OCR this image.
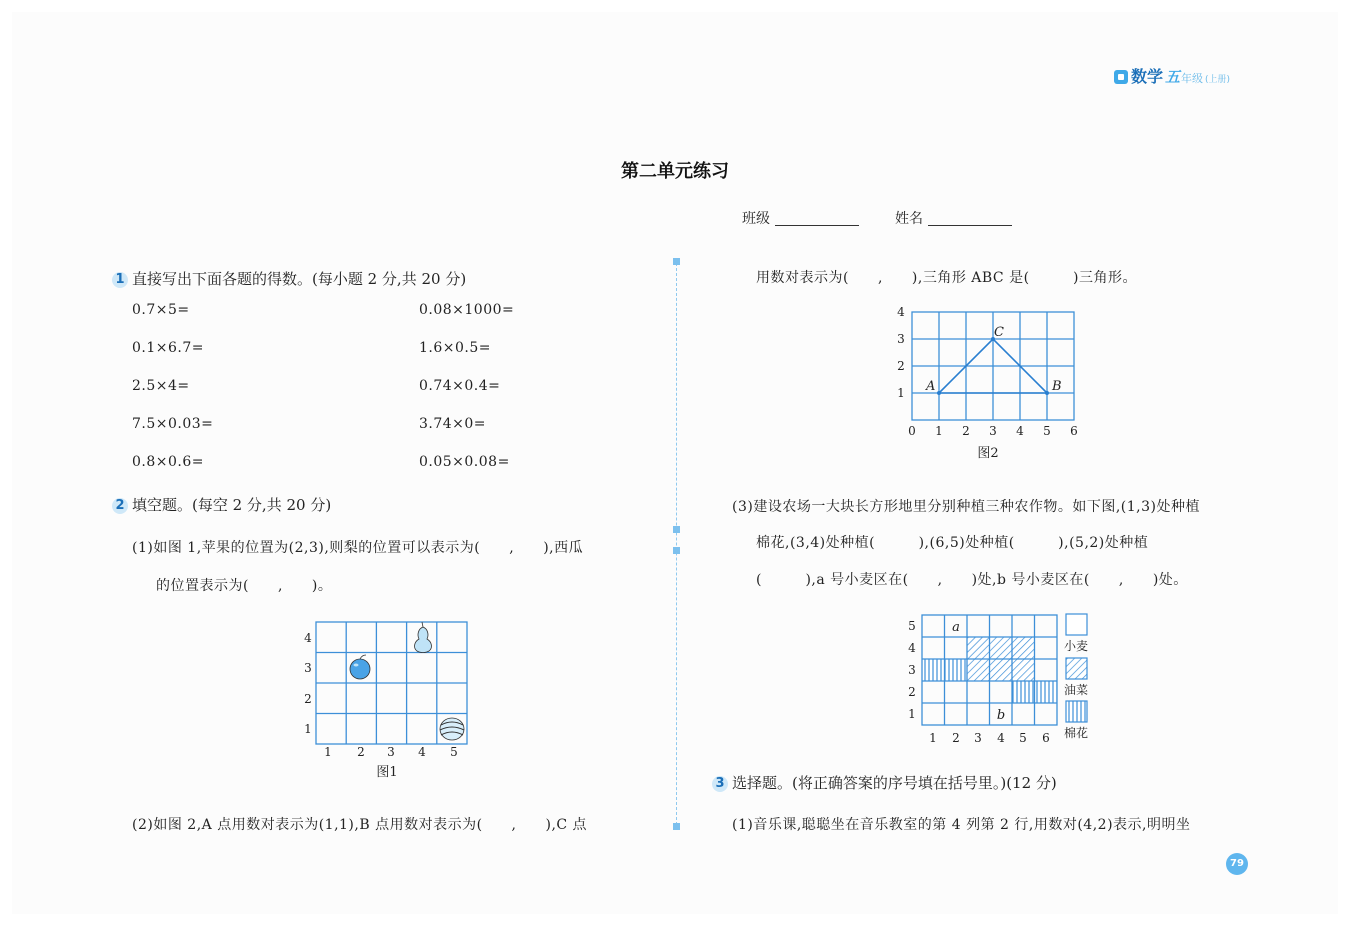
数学 五 年级 (上册)
第二单元练习
班级	姓名
1 直接写出下面各题的得数。(每小题 2 分,共 20 分)
0.7×5=	0.08×1000=
0.1×6.7=	1.6×0.5=
2.5×4=	0.74×0.4=
7.5×0.03=	3.74×0=
0.8×0.6=	0.05×0.08=
2 填空题。(每空 2 分,共 20 分)
(1)如图 1,苹果的位置为(2,3),则梨的位置可以表示为(　　,　　),西瓜
的位置表示为(　　,　　)。
1 2 3 4 5
1
2
3
4
图1
(2)如图 2,A 点用数对表示为(1,1),B 点用数对表示为(　　,　　),C 点
用数对表示为(　　,　　),三角形 ABC 是(　　　)三角形。
A	B
C
0 1 2 3 4 5 6
1
2
3
4
图2
(3)建设农场一大块长方形地里分别种植三种农作物。如下图,(1,3)处种植
棉花,(3,4)处种植(　　　),(6,5)处种植(　　　),(5,2)处种植
(　　　),a 号小麦区在(　　,　　)处,b 号小麦区在(　　,　　)处。
a
b
1 2 3 4 5 6
1
2
3
4
5
小麦
油菜
棉花
3 选择题。(将正确答案的序号填在括号里。)(12 分)
(1)音乐课,聪聪坐在音乐教室的第 4 列第 2 行,用数对(4,2)表示,明明坐
79
